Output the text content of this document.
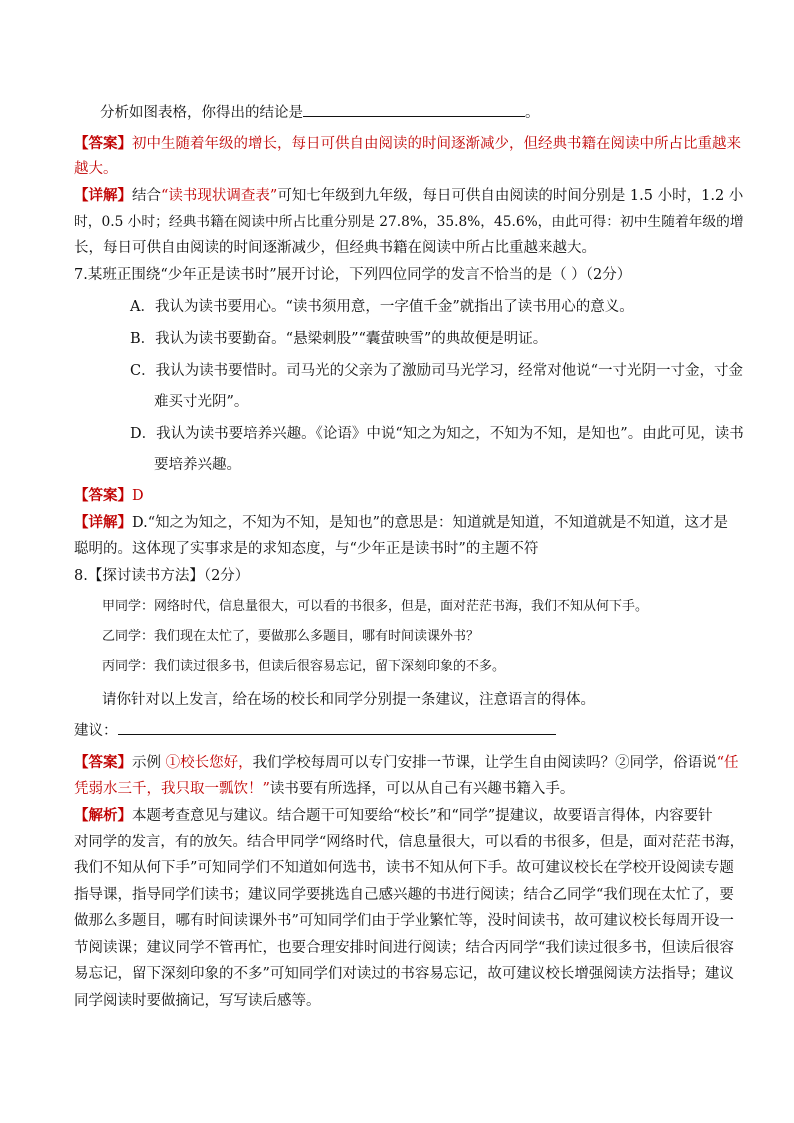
分析如图表格，你得出的结论是	。
【答案】初中生随着年级的增长，每日可供自由阅读的时间逐渐减少，但经典书籍在阅读中所占比重越来
越大。
【详解】结合“读书现状调查表”可知七年级到九年级，每日可供自由阅读的时间分别是 1.5 小时，1.2 小
时，0.5 小时；经典书籍在阅读中所占比重分别是 27.8%，35.8%，45.6%，由此可得：初中生随着年级的增
长，每日可供自由阅读的时间逐渐减少，但经典书籍在阅读中所占比重越来越大。
7.某班正围绕“少年正是读书时”展开讨论，下列四位同学的发言不恰当的是（ ）（2分）
A．我认为读书要用心。“读书须用意，一字值千金”就指出了读书用心的意义。
B．我认为读书要勤奋。“悬梁刺股”“囊萤映雪”的典故便是明证。
C．我认为读书要惜时。司马光的父亲为了激励司马光学习，经常对他说“一寸光阴一寸金，寸金
难买寸光阴”。
D．我认为读书要培养兴趣。《论语》中说“知之为知之，不知为不知，是知也”。由此可见，读书
要培养兴趣。
【答案】D
【详解】D.“知之为知之，不知为不知，是知也”的意思是：知道就是知道，不知道就是不知道，这才是
聪明的。这体现了实事求是的求知态度，与“少年正是读书时”的主题不符
8.【探讨读书方法】（2分）
甲同学：网络时代，信息量很大，可以看的书很多，但是，面对茫茫书海，我们不知从何下手。
乙同学：我们现在太忙了，要做那么多题目，哪有时间读课外书？
丙同学：我们读过很多书，但读后很容易忘记，留下深刻印象的不多。
请你针对以上发言，给在场的校长和同学分别提一条建议，注意语言的得体。
建议：
【答案】示例 ①校长您好，我们学校每周可以专门安排一节课，让学生自由阅读吗？②同学，俗语说“任
凭弱水三千，我只取一瓢饮！”读书要有所选择，可以从自己有兴趣书籍入手。
【解析】本题考查意见与建议。结合题干可知要给“校长”和“同学”提建议，故要语言得体，内容要针
对同学的发言，有的放矢。结合甲同学“网络时代，信息量很大，可以看的书很多，但是，面对茫茫书海，
我们不知从何下手”可知同学们不知道如何选书，读书不知从何下手。故可建议校长在学校开设阅读专题
指导课，指导同学们读书；建议同学要挑选自己感兴趣的书进行阅读；结合乙同学“我们现在太忙了，要
做那么多题目，哪有时间读课外书”可知同学们由于学业繁忙等，没时间读书，故可建议校长每周开设一
节阅读课；建议同学不管再忙，也要合理安排时间进行阅读；结合丙同学“我们读过很多书，但读后很容
易忘记，留下深刻印象的不多”可知同学们对读过的书容易忘记，故可建议校长增强阅读方法指导；建议
同学阅读时要做摘记，写写读后感等。
